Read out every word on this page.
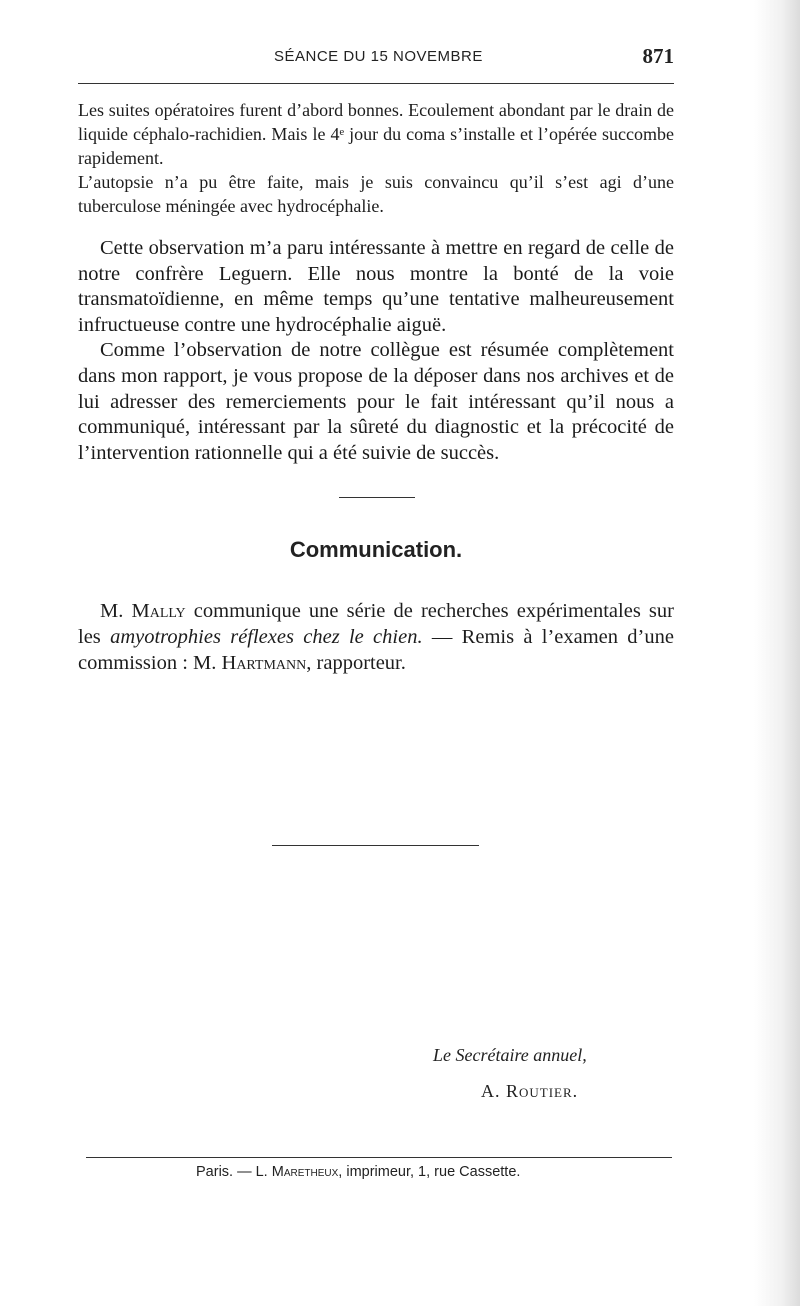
SÉANCE DU 15 NOVEMBRE	871

Les suites opératoires furent d’abord bonnes. Ecoulement abondant par le drain de liquide céphalo-rachidien. Mais le 4ᵉ jour du coma s’installe et l’opérée succombe rapidement.

L’autopsie n’a pu être faite, mais je suis convaincu qu’il s’est agi d’une tuberculose méningée avec hydrocéphalie.

Cette observation m’a paru intéressante à mettre en regard de celle de notre confrère Leguern. Elle nous montre la bonté de la voie transmatoïdienne, en même temps qu’une tentative malheureusement infructueuse contre une hydrocéphalie aiguë.

Comme l’observation de notre collègue est résumée complètement dans mon rapport, je vous propose de la déposer dans nos archives et de lui adresser des remerciements pour le fait intéressant qu’il nous a communiqué, intéressant par la sûreté du diagnostic et la précocité de l’intervention rationnelle qui a été suivie de succès.

Communication.

M. Mally communique une série de recherches expérimentales sur les amyotrophies réflexes chez le chien. — Remis à l’examen d’une commission : M. Hartmann, rapporteur.

Le Secrétaire annuel,
A. Routier.
Paris. — L. Maretheux, imprimeur, 1, rue Cassette.
